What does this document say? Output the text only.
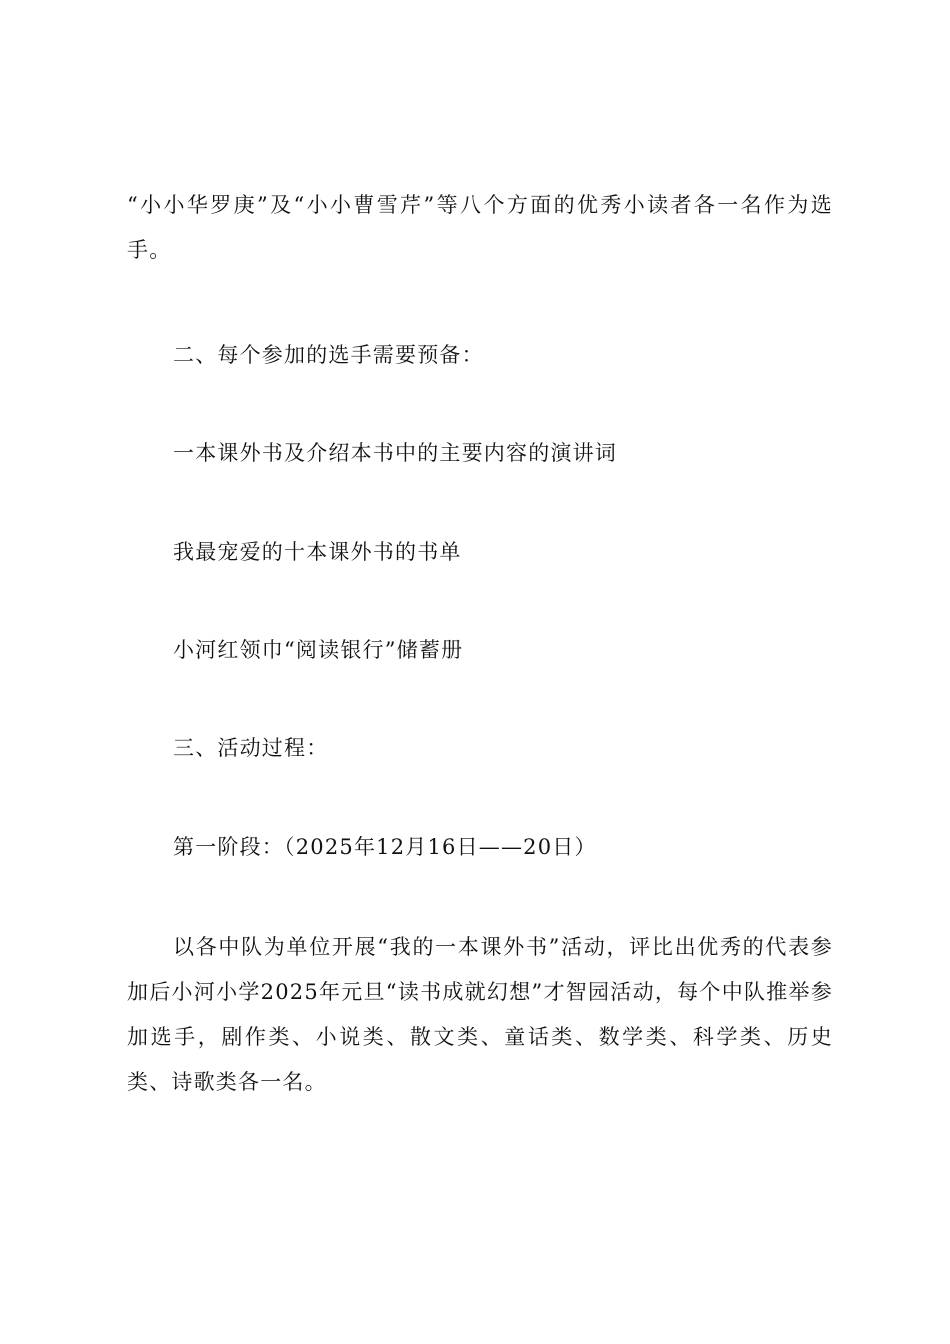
“小小华罗庚”及“小小曹雪芹”等八个方面的优秀小读者各一名作为选手。

二、每个参加的选手需要预备：

一本课外书及介绍本书中的主要内容的演讲词

我最宠爱的十本课外书的书单

小河红领巾“阅读银行”储蓄册

三、活动过程：

第一阶段：（2025年12月16日——20日）

以各中队为单位开展“我的一本课外书”活动，评比出优秀的代表参加后小河小学2025年元旦“读书成就幻想”才智园活动，每个中队推举参加选手，剧作类、小说类、散文类、童话类、数学类、科学类、历史类、诗歌类各一名。
